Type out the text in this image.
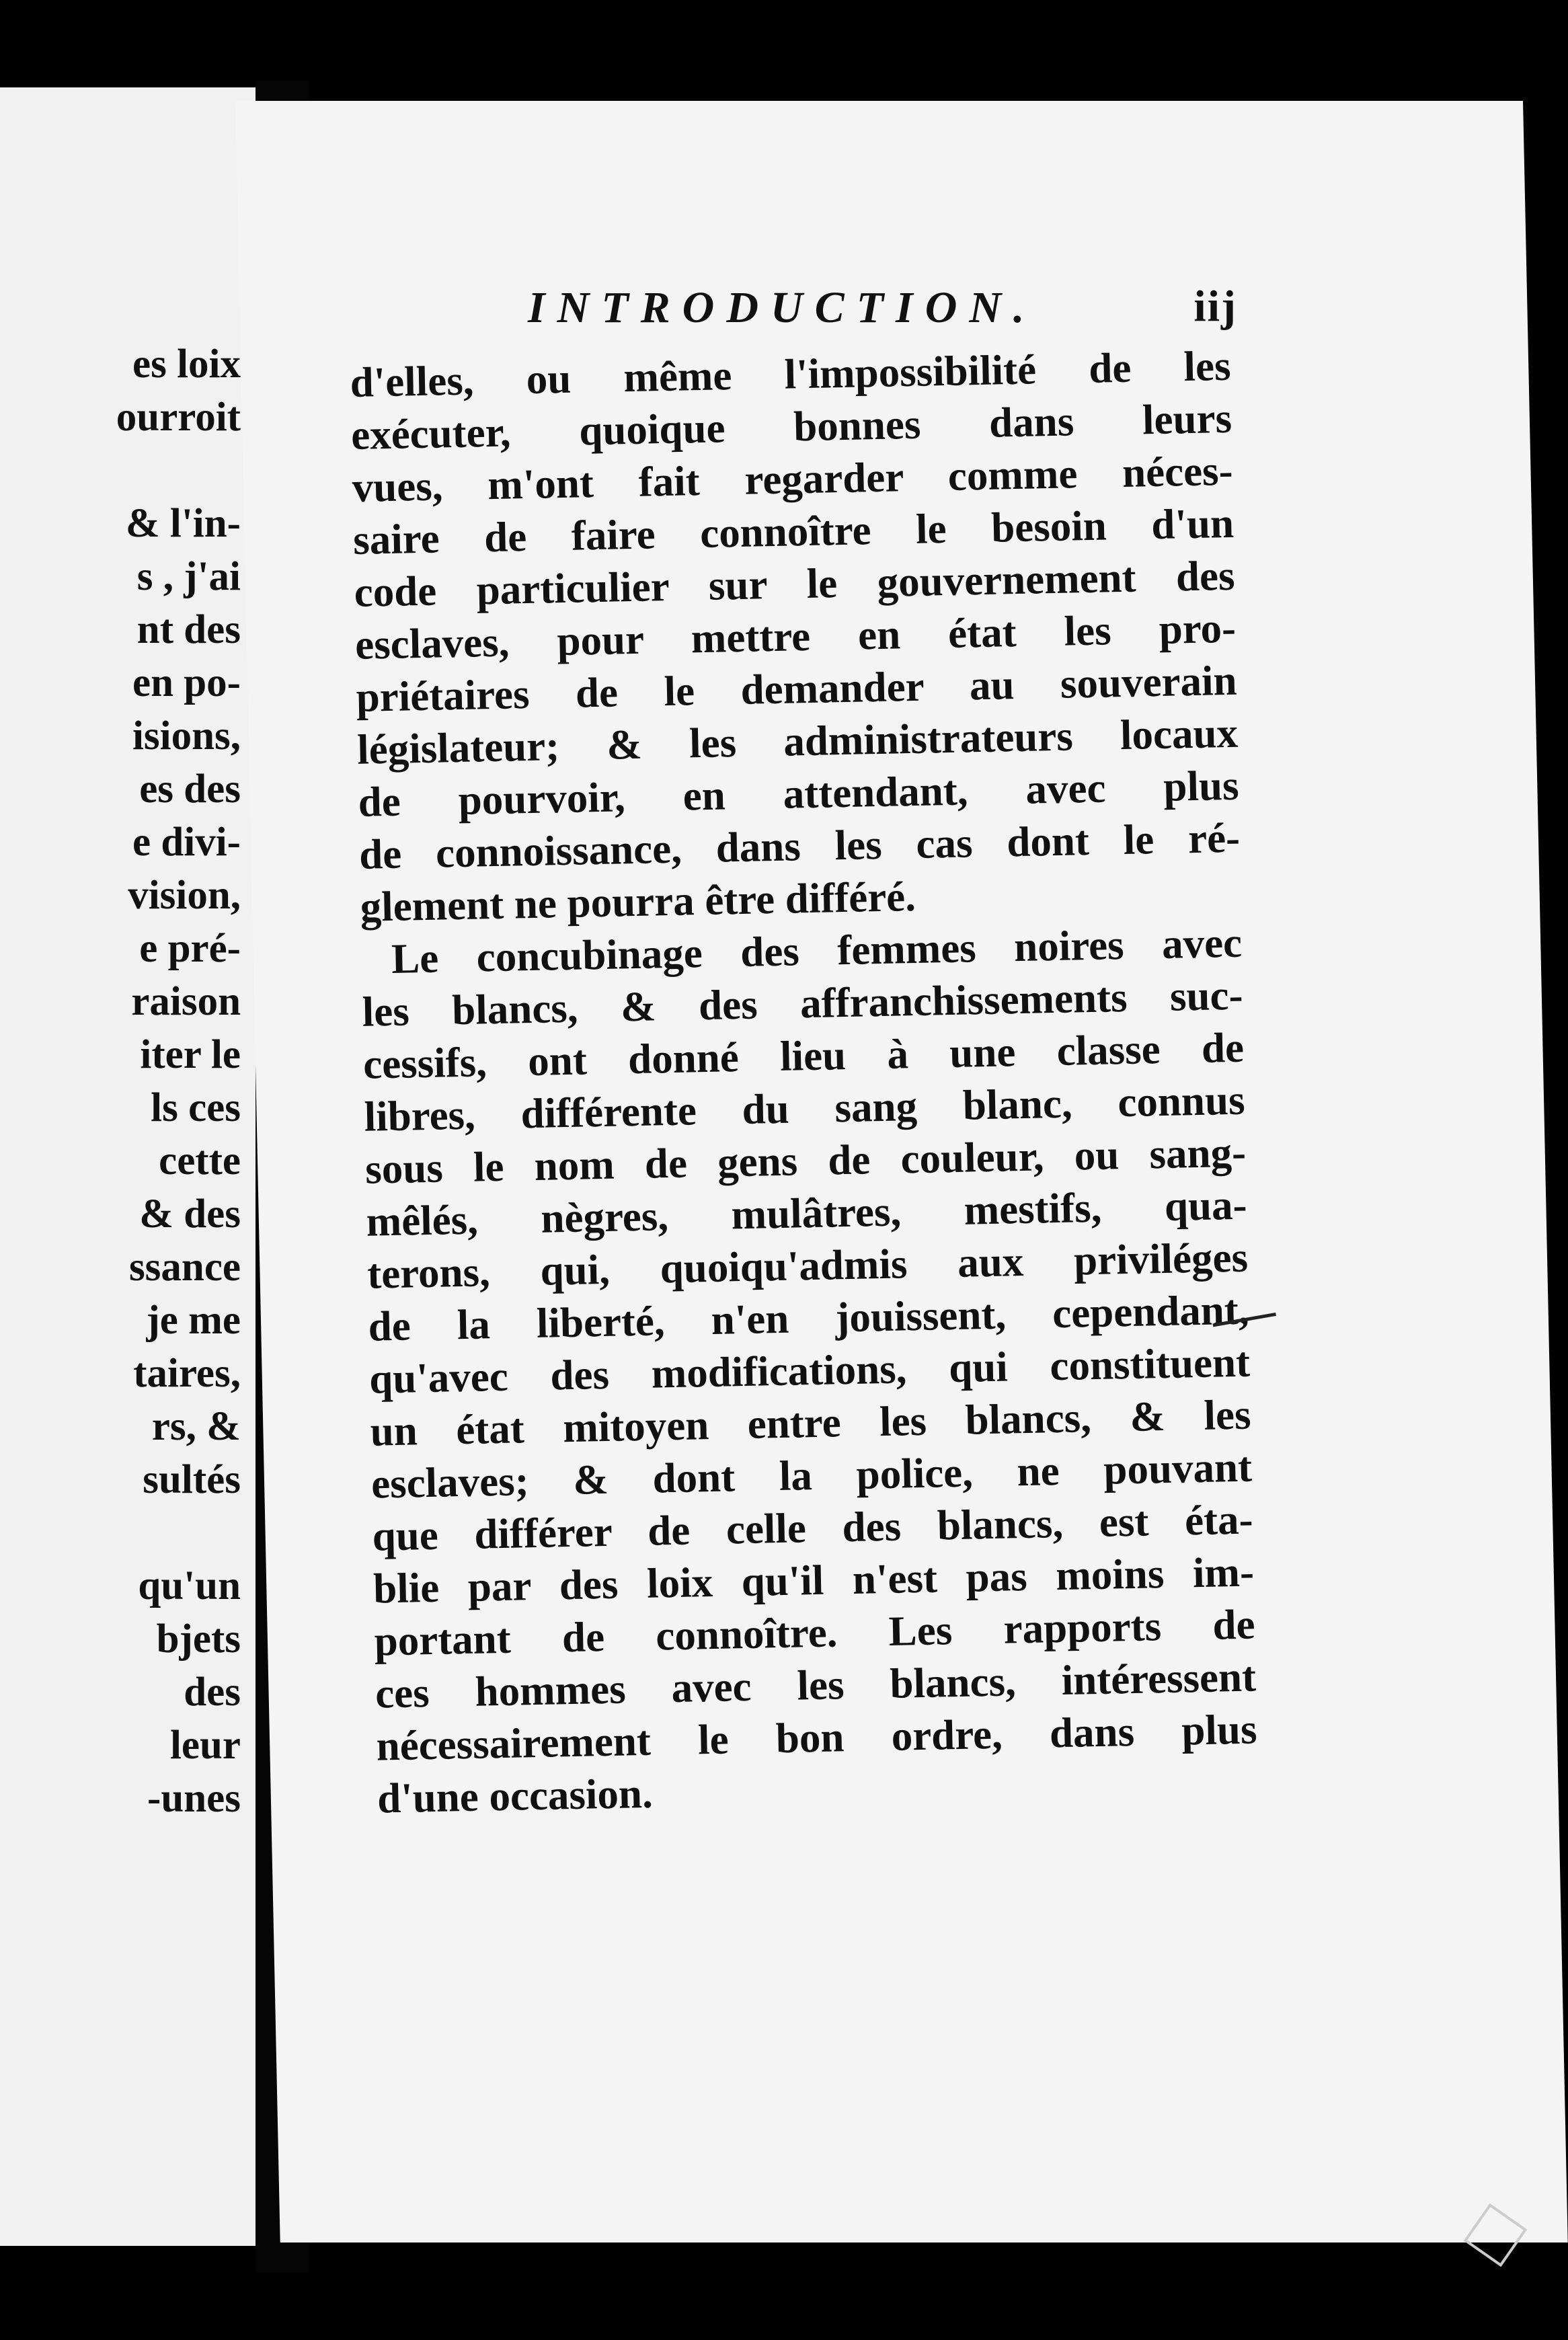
es loix
ourroit
& l'in-
s , j'ai
nt des
en po-
isions,
es des
e divi-
vision,
e pré-
raison
iter le
ls ces
cette
& des
ssance
je me
taires,
rs, &
sultés
qu'un
bjets
des
leur
-unes
INTRODUCTION.	iij
d'elles, ou même l'impossibilité de les
exécuter, quoique bonnes dans leurs
vues, m'ont fait regarder comme néces-
saire de faire connoître le besoin d'un
code particulier sur le gouvernement des
esclaves, pour mettre en état les pro-
priétaires de le demander au souverain
législateur; & les administrateurs locaux
de pourvoir, en attendant, avec plus
de connoissance, dans les cas dont le ré-
glement ne pourra être différé.
Le concubinage des femmes noires avec
les blancs, & des affranchissements suc-
cessifs, ont donné lieu à une classe de
libres, différente du sang blanc, connus
sous le nom de gens de couleur, ou sang-
mêlés, nègres, mulâtres, mestifs, qua-
terons, qui, quoiqu'admis aux priviléges
de la liberté, n'en jouissent, cependant,
qu'avec des modifications, qui constituent
un état mitoyen entre les blancs, & les
esclaves; & dont la police, ne pouvant
que différer de celle des blancs, est éta-
blie par des loix qu'il n'est pas moins im-
portant de connoître. Les rapports de
ces hommes avec les blancs, intéressent
nécessairement le bon ordre, dans plus
d'une occasion.
